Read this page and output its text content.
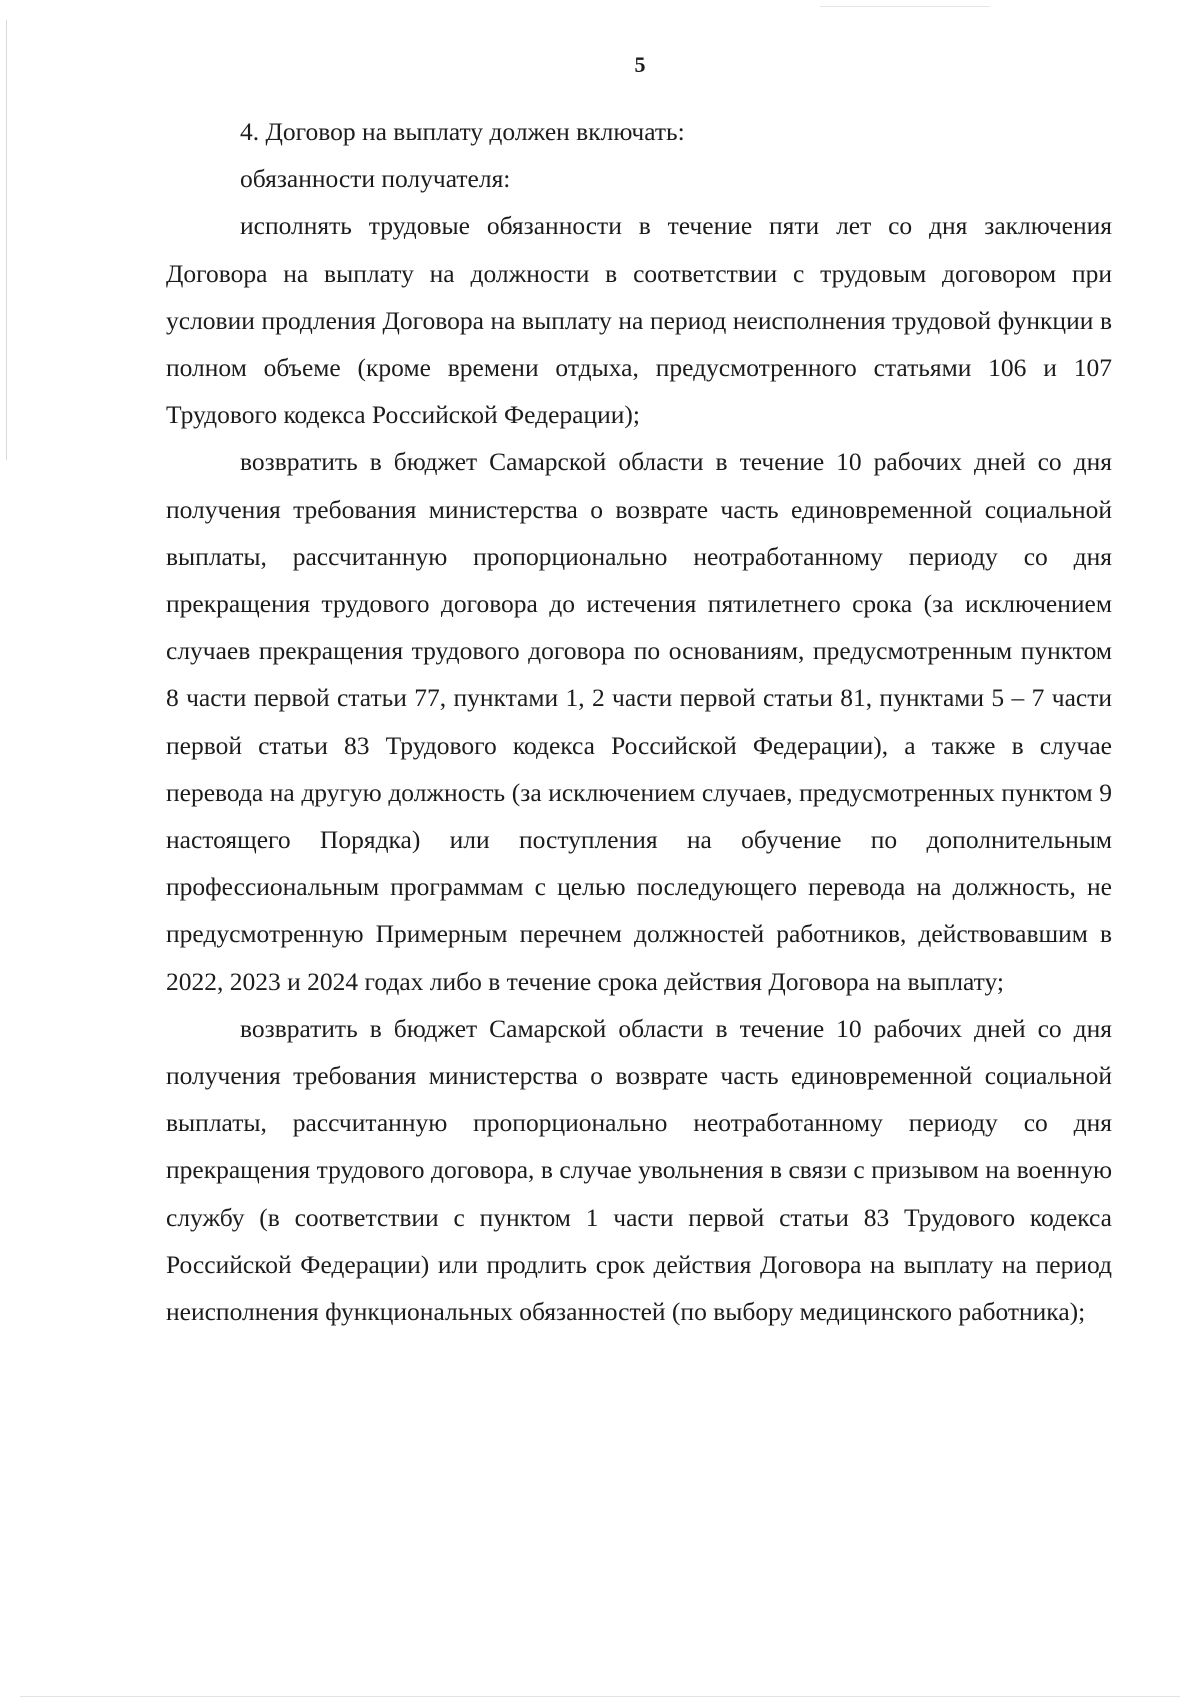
5

4. Договор на выплату должен включать:

обязанности получателя:

исполнять трудовые обязанности в течение пяти лет со дня заключения Договора на выплату на должности в соответствии с трудовым договором при условии продления Договора на выплату на период неисполнения трудовой функции в полном объеме (кроме времени отдыха, предусмотренного статьями 106 и 107 Трудового кодекса Российской Федерации);

возвратить в бюджет Самарской области в течение 10 рабочих дней со дня получения требования министерства о возврате часть единовременной социальной выплаты, рассчитанную пропорционально неотработанному периоду со дня прекращения трудового договора до истечения пятилетнего срока (за исключением случаев прекращения трудового договора по основаниям, предусмотренным пунктом 8 части первой статьи 77, пунктами 1, 2 части первой статьи 81, пунктами 5 – 7 части первой статьи 83 Трудового кодекса Российской Федерации), а также в случае перевода на другую должность (за исключением случаев, предусмотренных пунктом 9 настоящего Порядка) или поступления на обучение по дополнительным профессиональным программам с целью последующего перевода на должность, не предусмотренную Примерным перечнем должностей работников, действовавшим в 2022, 2023 и 2024 годах либо в течение срока действия Договора на выплату;

возвратить в бюджет Самарской области в течение 10 рабочих дней со дня получения требования министерства о возврате часть единовременной социальной выплаты, рассчитанную пропорционально неотработанному периоду со дня прекращения трудового договора, в случае увольнения в связи с призывом на военную службу (в соответствии с пунктом 1 части первой статьи 83 Трудового кодекса Российской Федерации) или продлить срок действия Договора на выплату на период неисполнения функциональных обязанностей (по выбору медицинского работника);
